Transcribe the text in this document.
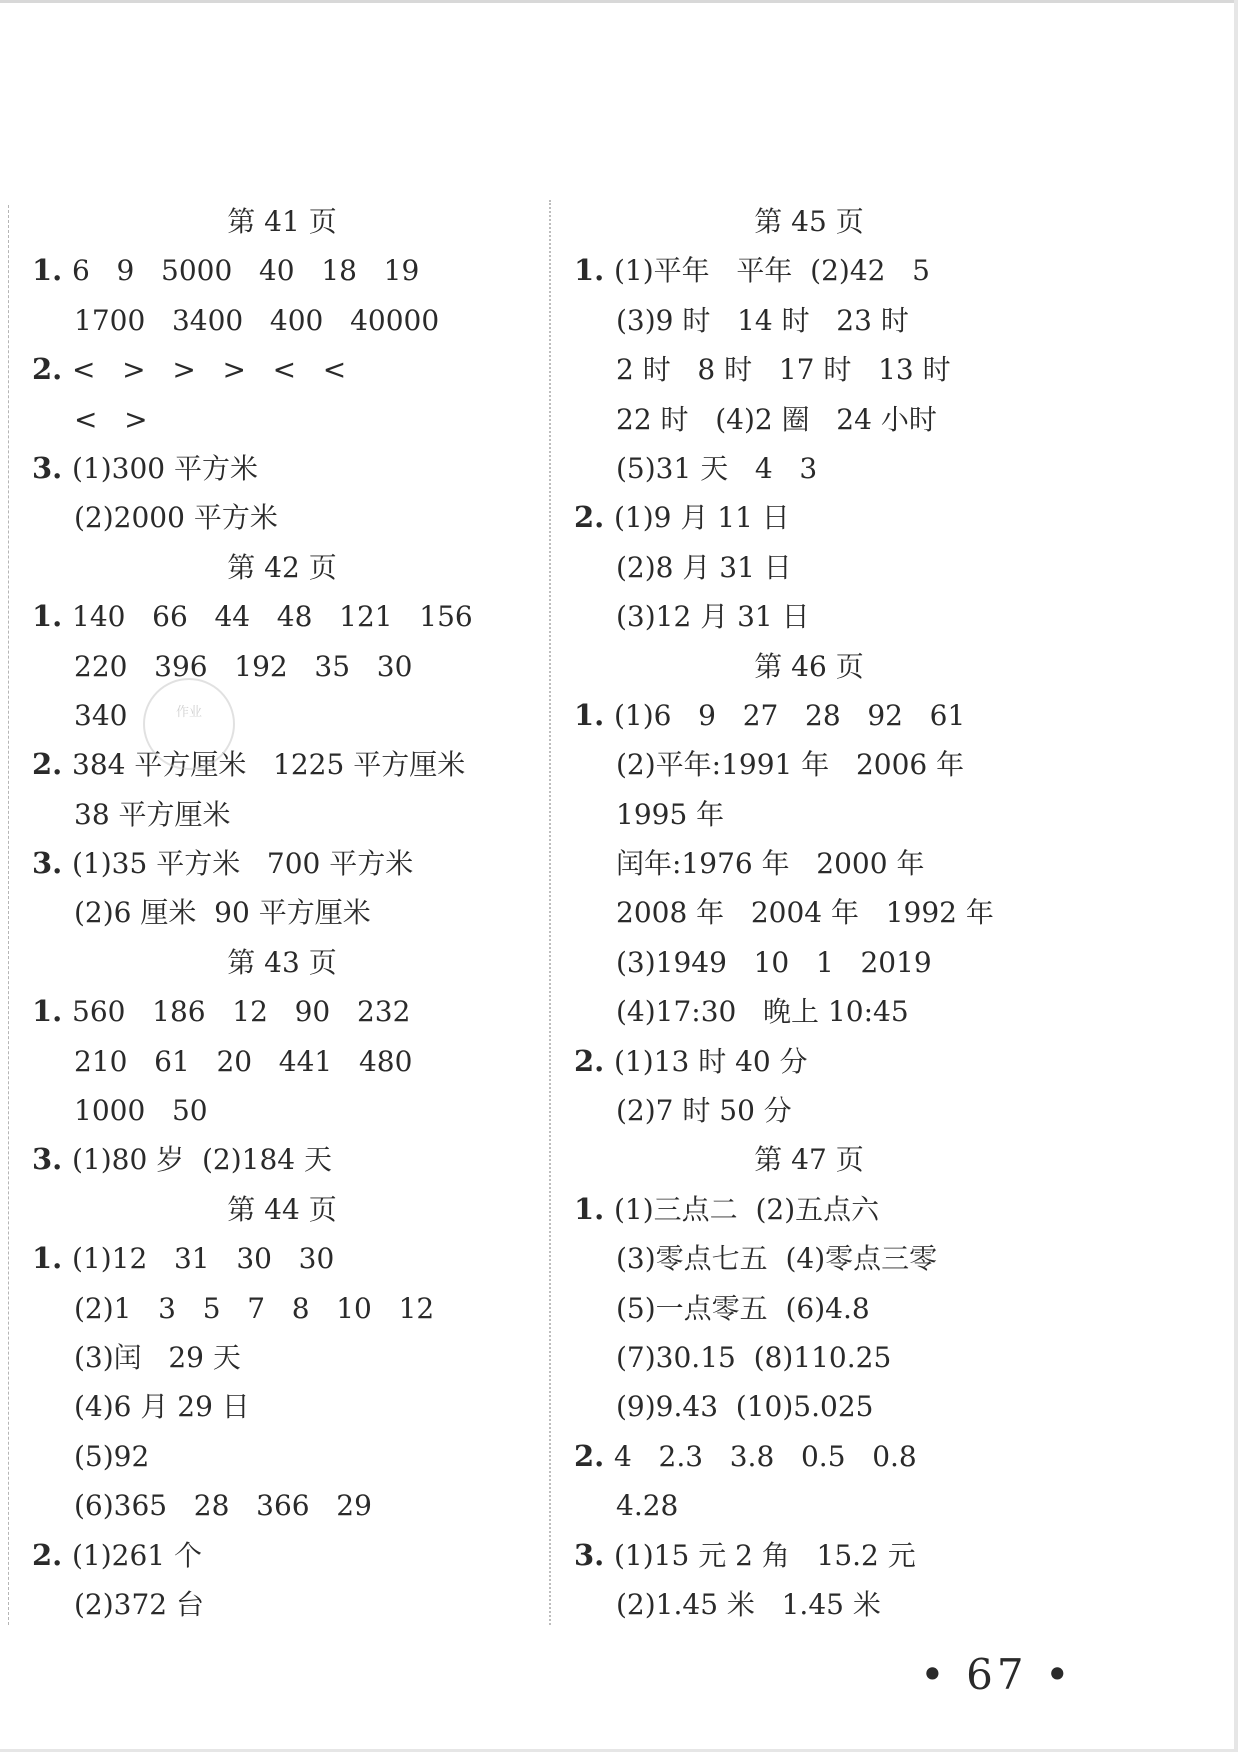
第 41 页
1. 6   9   5000   40   18   19
1700   3400   400   40000
2. <   >   >   >   <   <
<   >
3. (1)300 平方米
(2)2000 平方米
第 42 页
1. 140   66   44   48   121   156
220   396   192   35   30
340
2. 384 平方厘米   1225 平方厘米
38 平方厘米
3. (1)35 平方米   700 平方米
(2)6 厘米  90 平方厘米
第 43 页
1. 560   186   12   90   232
210   61   20   441   480
1000   50
3. (1)80 岁  (2)184 天
第 44 页
1. (1)12   31   30   30
(2)1   3   5   7   8   10   12
(3)闰   29 天
(4)6 月 29 日
(5)92
(6)365   28   366   29
2. (1)261 个
(2)372 台
第 45 页
1. (1)平年   平年  (2)42   5
(3)9 时   14 时   23 时
2 时   8 时   17 时   13 时
22 时   (4)2 圈   24 小时
(5)31 天   4   3
2. (1)9 月 11 日
(2)8 月 31 日
(3)12 月 31 日
第 46 页
1. (1)6   9   27   28   92   61
(2)平年:1991 年   2006 年
1995 年
闰年:1976 年   2000 年
2008 年   2004 年   1992 年
(3)1949   10   1   2019
(4)17:30   晚上 10:45
2. (1)13 时 40 分
(2)7 时 50 分
第 47 页
1. (1)三点二  (2)五点六
(3)零点七五  (4)零点三零
(5)一点零五  (6)4.8
(7)30.15  (8)110.25
(9)9.43  (10)5.025
2. 4   2.3   3.8   0.5   0.8
4.28
3. (1)15 元 2 角   15.2 元
(2)1.45 米   1.45 米
作业
• 67 •
